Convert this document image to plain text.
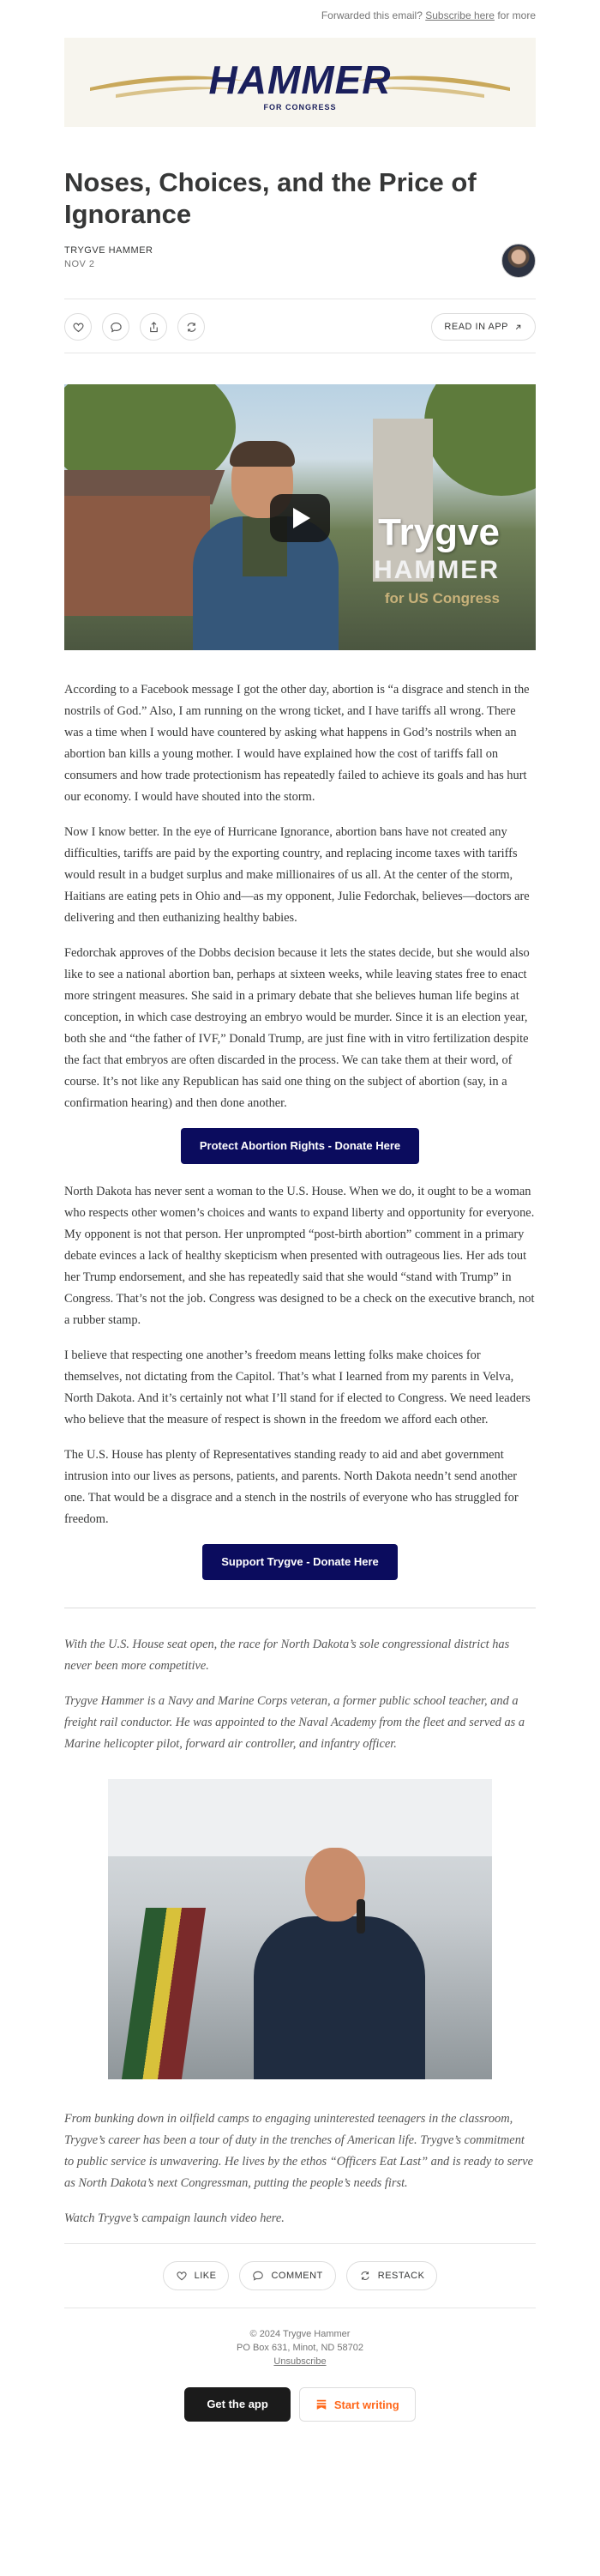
Forwarded this email? Subscribe here for more
HAMMER
FOR CONGRESS
Noses, Choices, and the Price of Ignorance
TRYGVE HAMMER
NOV 2
READ IN APP
Trygve
HAMMER
for US Congress

According to a Facebook message I got the other day, abortion is “a disgrace and stench in the nostrils of God.” Also, I am running on the wrong ticket, and I have tariffs all wrong. There was a time when I would have countered by asking what happens in God’s nostrils when an abortion ban kills a young mother. I would have explained how the cost of tariffs fall on consumers and how trade protectionism has repeatedly failed to achieve its goals and has hurt our economy. I would have shouted into the storm.

Now I know better. In the eye of Hurricane Ignorance, abortion bans have not created any difficulties, tariffs are paid by the exporting country, and replacing income taxes with tariffs would result in a budget surplus and make millionaires of us all. At the center of the storm, Haitians are eating pets in Ohio and—as my opponent, Julie Fedorchak, believes—doctors are delivering and then euthanizing healthy babies.

Fedorchak approves of the Dobbs decision because it lets the states decide, but she would also like to see a national abortion ban, perhaps at sixteen weeks, while leaving states free to enact more stringent measures. She said in a primary debate that she believes human life begins at conception, in which case destroying an embryo would be murder. Since it is an election year, both she and “the father of IVF,” Donald Trump, are just fine with in vitro fertilization despite the fact that embryos are often discarded in the process. We can take them at their word, of course. It’s not like any Republican has said one thing on the subject of abortion (say, in a confirmation hearing) and then done another.

Protect Abortion Rights - Donate Here

North Dakota has never sent a woman to the U.S. House. When we do, it ought to be a woman who respects other women’s choices and wants to expand liberty and opportunity for everyone. My opponent is not that person. Her unprompted “post-birth abortion” comment in a primary debate evinces a lack of healthy skepticism when presented with outrageous lies. Her ads tout her Trump endorsement, and she has repeatedly said that she would “stand with Trump” in Congress. That’s not the job. Congress was designed to be a check on the executive branch, not a rubber stamp.

I believe that respecting one another’s freedom means letting folks make choices for themselves, not dictating from the Capitol. That’s what I learned from my parents in Velva, North Dakota. And it’s certainly not what I’ll stand for if elected to Congress. We need leaders who believe that the measure of respect is shown in the freedom we afford each other.

The U.S. House has plenty of Representatives standing ready to aid and abet government intrusion into our lives as persons, patients, and parents. North Dakota needn’t send another one. That would be a disgrace and a stench in the nostrils of everyone who has struggled for freedom.

Support Trygve - Donate Here

With the U.S. House seat open, the race for North Dakota’s sole congressional district has never been more competitive.

Trygve Hammer is a Navy and Marine Corps veteran, a former public school teacher, and a freight rail conductor. He was appointed to the Naval Academy from the fleet and served as a Marine helicopter pilot, forward air controller, and infantry officer.

From bunking down in oilfield camps to engaging uninterested teenagers in the classroom, Trygve’s career has been a tour of duty in the trenches of American life. Trygve’s commitment to public service is unwavering. He lives by the ethos “Officers Eat Last” and is ready to serve as North Dakota’s next Congressman, putting the people’s needs first.

Watch Trygve’s campaign launch video here.

LIKE	COMMENT	RESTACK
© 2024 Trygve Hammer
PO Box 631, Minot, ND 58702
Unsubscribe
Get the app	Start writing
